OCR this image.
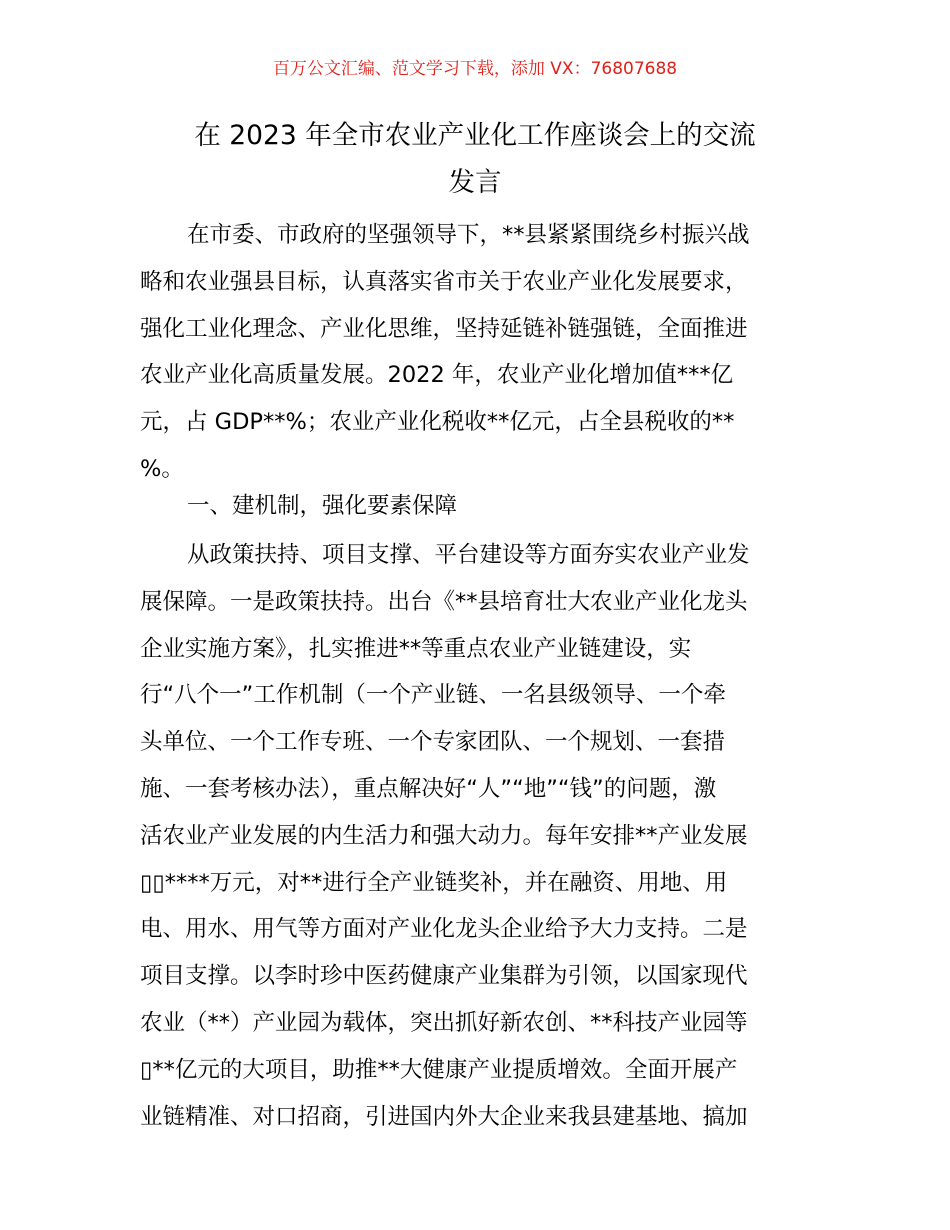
百万公文汇编、范文学习下载，添加 VX：76807688
在 2023 年全市农业产业化工作座谈会上的交流
发言
在市委、市政府的坚强领导下，**县紧紧围绕乡村振兴战
略和农业强县目标，认真落实省市关于农业产业化发展要求，
强化工业化理念、产业化思维，坚持延链补链强链，全面推进
农业产业化高质量发展。2022 年，农业产业化增加值***亿
元，占 GDP**%；农业产业化税收**亿元，占全县税收的**
%。
一、建机制，强化要素保障
从政策扶持、项目支撑、平台建设等方面夯实农业产业发
展保障。一是政策扶持。出台《**县培育壮大农业产业化龙头
企业实施方案》，扎实推进**等重点农业产业链建设，实
行“八个一”工作机制（一个产业链、一名县级领导、一个牵
头单位、一个工作专班、一个专家团队、一个规划、一套措
施、一套考核办法），重点解决好“人”“地”“钱”的问题，激
活农业产业发展的内生活力和强大动力。每年安排**产业发展
▯▯****万元，对**进行全产业链奖补，并在融资、用地、用
电、用水、用气等方面对产业化龙头企业给予大力支持。二是
项目支撑。以李时珍中医药健康产业集群为引领，以国家现代
农业（**）产业园为载体，突出抓好新农创、**科技产业园等
▯**亿元的大项目，助推**大健康产业提质增效。全面开展产
业链精准、对口招商，引进国内外大企业来我县建基地、搞加
